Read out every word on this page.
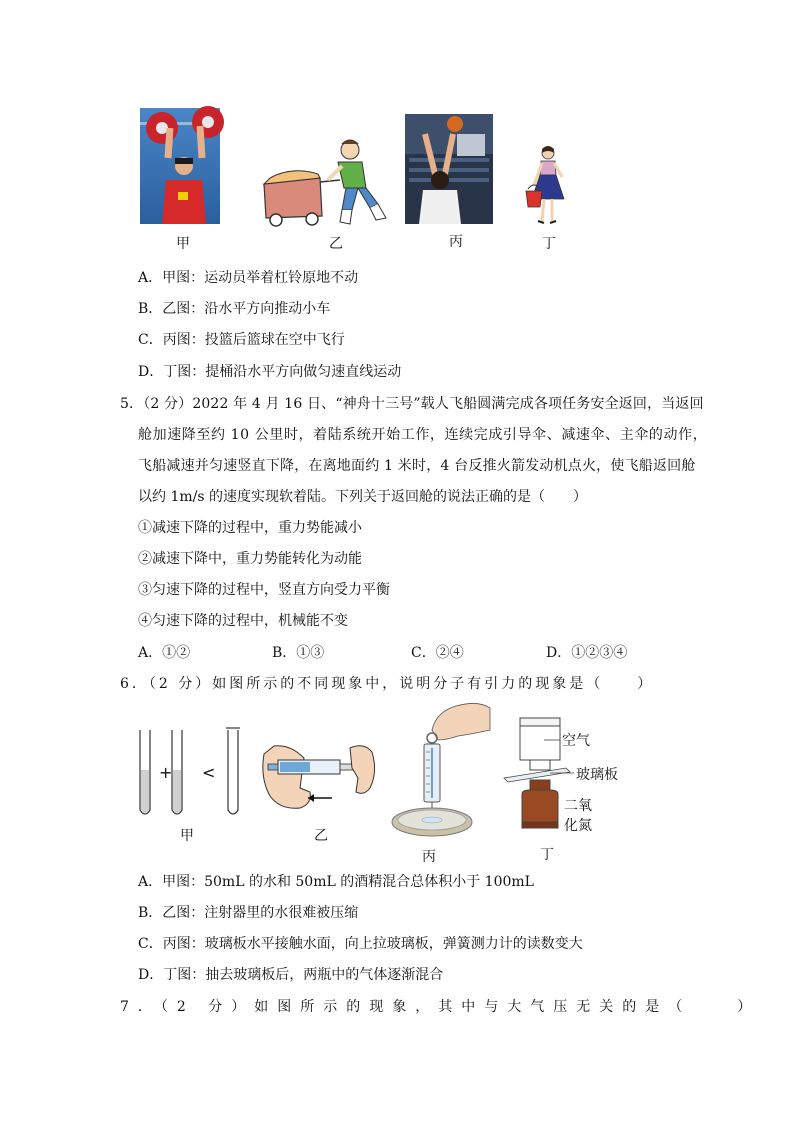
甲	乙	丙	丁
A．甲图：运动员举着杠铃原地不动
B．乙图：沿水平方向推动小车
C．丙图：投篮后篮球在空中飞行
D．丁图：提桶沿水平方向做匀速直线运动
5．（2 分）2022 年 4 月 16 日、“神舟十三号”载人飞船圆满完成各项任务安全返回，当返回
舱加速降至约 10 公里时，着陆系统开始工作，连续完成引导伞、减速伞、主伞的动作，
飞船减速并匀速竖直下降，在离地面约 1 米时，4 台反推火箭发动机点火，使飞船返回舱
以约 1m/s 的速度实现软着陆。下列关于返回舱的说法正确的是（　　）
①减速下降的过程中，重力势能减小
②减速下降中，重力势能转化为动能
③匀速下降的过程中，竖直方向受力平衡
④匀速下降的过程中，机械能不变
A．①②	B．①③	C．②④	D．①②③④
6．（2 分）如图所示的不同现象中，说明分子有引力的现象是（　　）
+ <
甲	乙
丙
空气
玻璃板
二氧
化氮
丁
A．甲图：50mL 的水和 50mL 的酒精混合总体积小于 100mL
B．乙图：注射器里的水很难被压缩
C．丙图：玻璃板水平接触水面，向上拉玻璃板，弹簧测力计的读数变大
D．丁图：抽去玻璃板后，两瓶中的气体逐渐混合
7．（2 分）如图所示的现象，其中与大气压无关的是（　　）
